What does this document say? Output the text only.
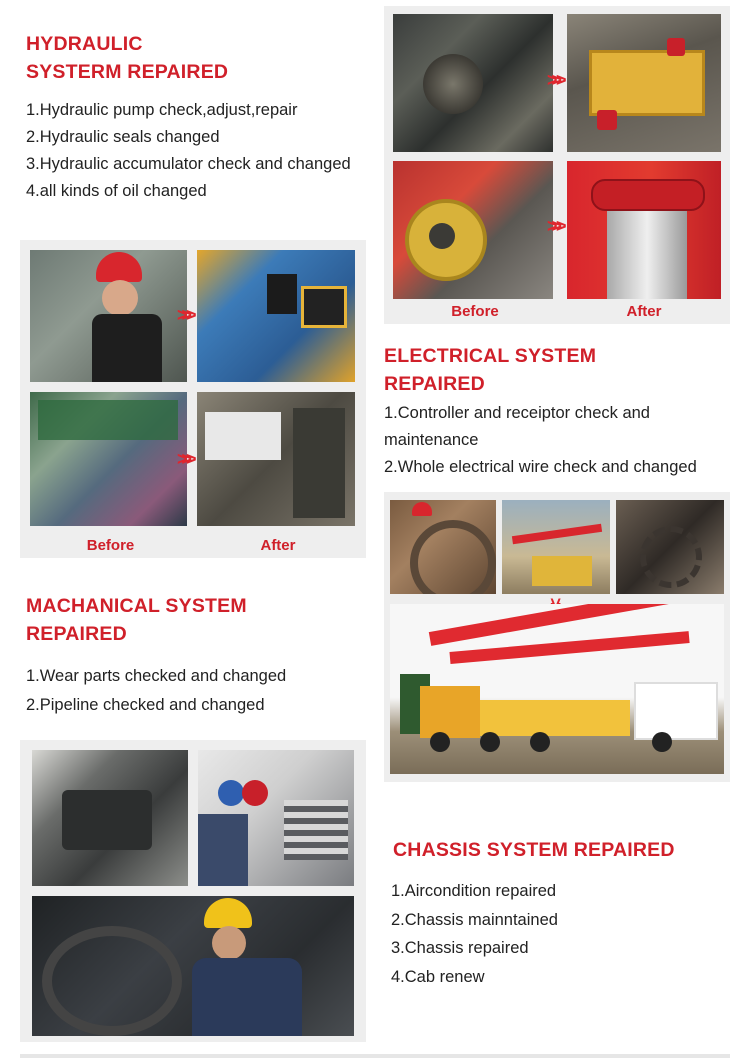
HYDRAULIC
SYSTERM REPAIRED
1.Hydraulic pump check,adjust,repair
2.Hydraulic seals changed
3.Hydraulic accumulator check and changed
4.all kinds of oil changed
>>>
>>>
Before	After
>>>
>>>
Before	After
ELECTRICAL SYSTEM
REPAIRED
1.Controller and receiptor check and
maintenance
2.Whole electrical wire check and changed
MACHANICAL SYSTEM
REPAIRED
1.Wear parts checked and changed
2.Pipeline checked and changed
CHASSIS SYSTEM REPAIRED
1.Aircondition repaired
2.Chassis mainntained
3.Chassis repaired
4.Cab renew
